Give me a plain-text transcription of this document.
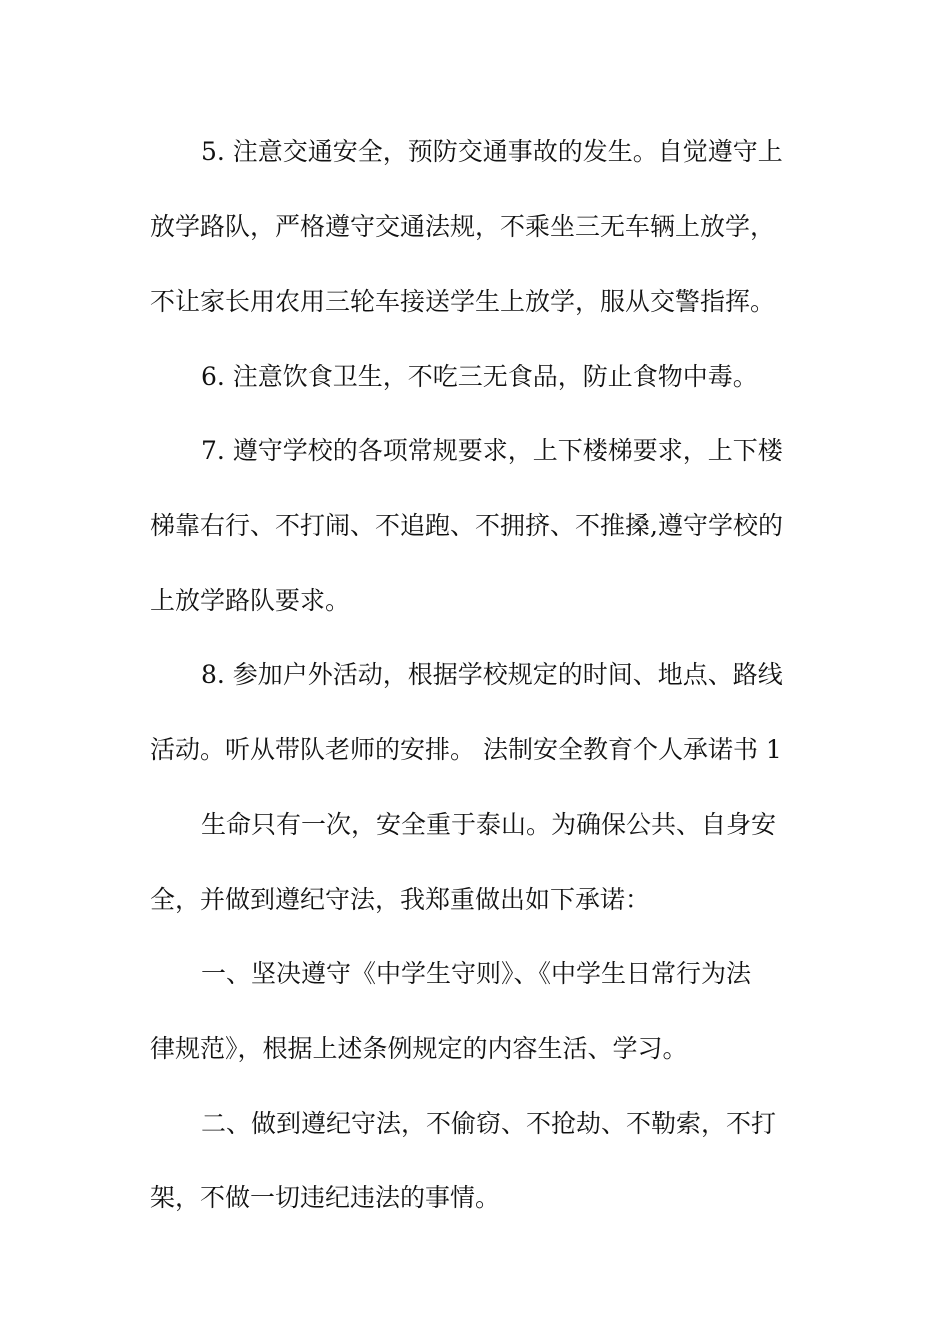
5. 注意交通安全，预防交通事故的发生。自觉遵守上
放学路队，严格遵守交通法规，不乘坐三无车辆上放学，
不让家长用农用三轮车接送学生上放学，服从交警指挥。
6. 注意饮食卫生，不吃三无食品，防止食物中毒。
7. 遵守学校的各项常规要求，上下楼梯要求，上下楼
梯靠右行、不打闹、不追跑、不拥挤、不推搡,遵守学校的
上放学路队要求。
8. 参加户外活动，根据学校规定的时间、地点、路线
活动。听从带队老师的安排。 法制安全教育个人承诺书 1
生命只有一次，安全重于泰山。为确保公共、自身安
全，并做到遵纪守法，我郑重做出如下承诺：
一、坚决遵守《中学生守则》、《中学生日常行为法
律规范》，根据上述条例规定的内容生活、学习。
二、做到遵纪守法，不偷窃、不抢劫、不勒索，不打
架，不做一切违纪违法的事情。
